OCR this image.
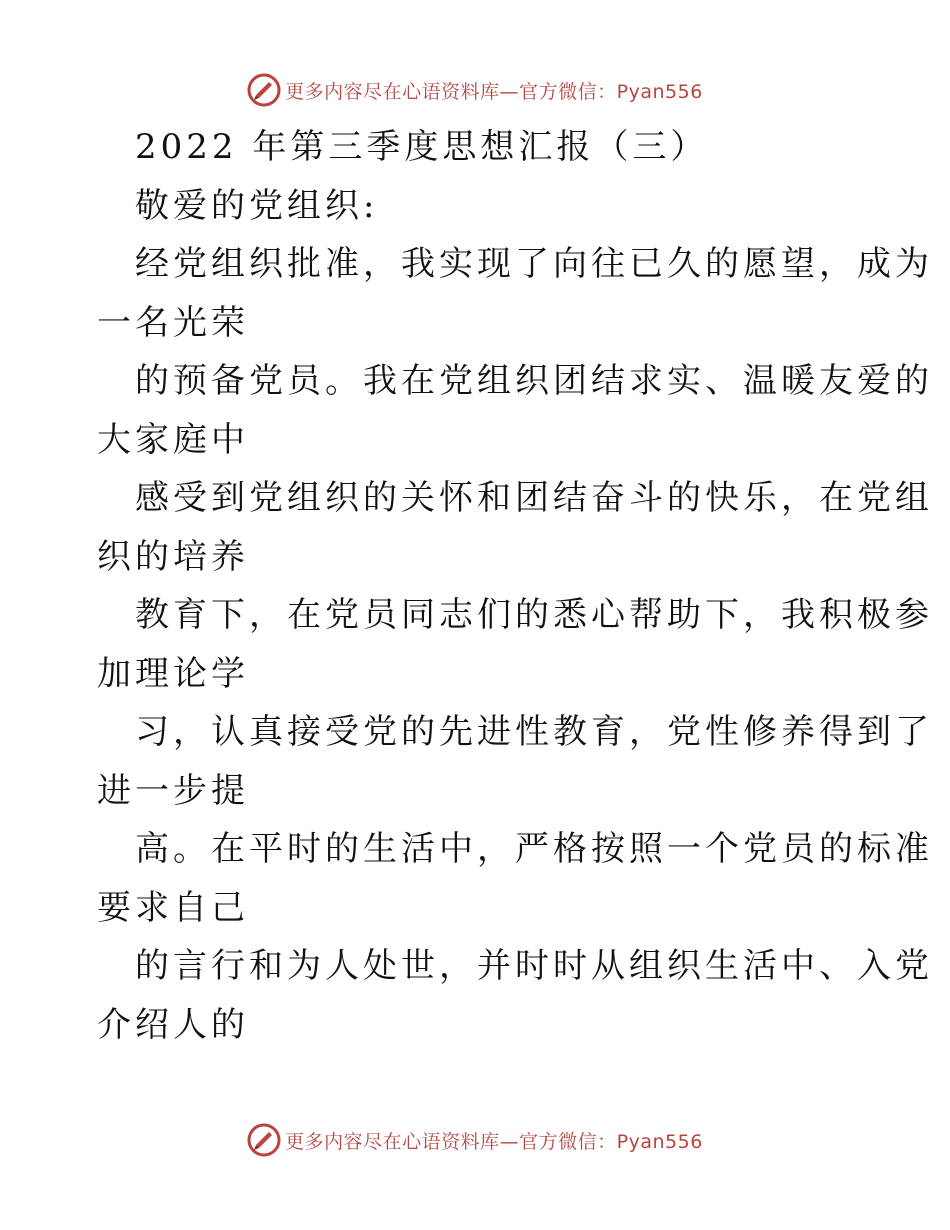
更多内容尽在心语资料库—官方微信：Pyan556
2022 年第三季度思想汇报（三）
敬爱的党组织:
经党组织批准，我实现了向往已久的愿望，成为
一名光荣
的预备党员。我在党组织团结求实、温暖友爱的
大家庭中
感受到党组织的关怀和团结奋斗的快乐，在党组
织的培养
教育下，在党员同志们的悉心帮助下，我积极参
加理论学
习，认真接受党的先进性教育，党性修养得到了
进一步提
高。在平时的生活中，严格按照一个党员的标准
要求自己
的言行和为人处世，并时时从组织生活中、入党
介绍人的
更多内容尽在心语资料库—官方微信：Pyan556
